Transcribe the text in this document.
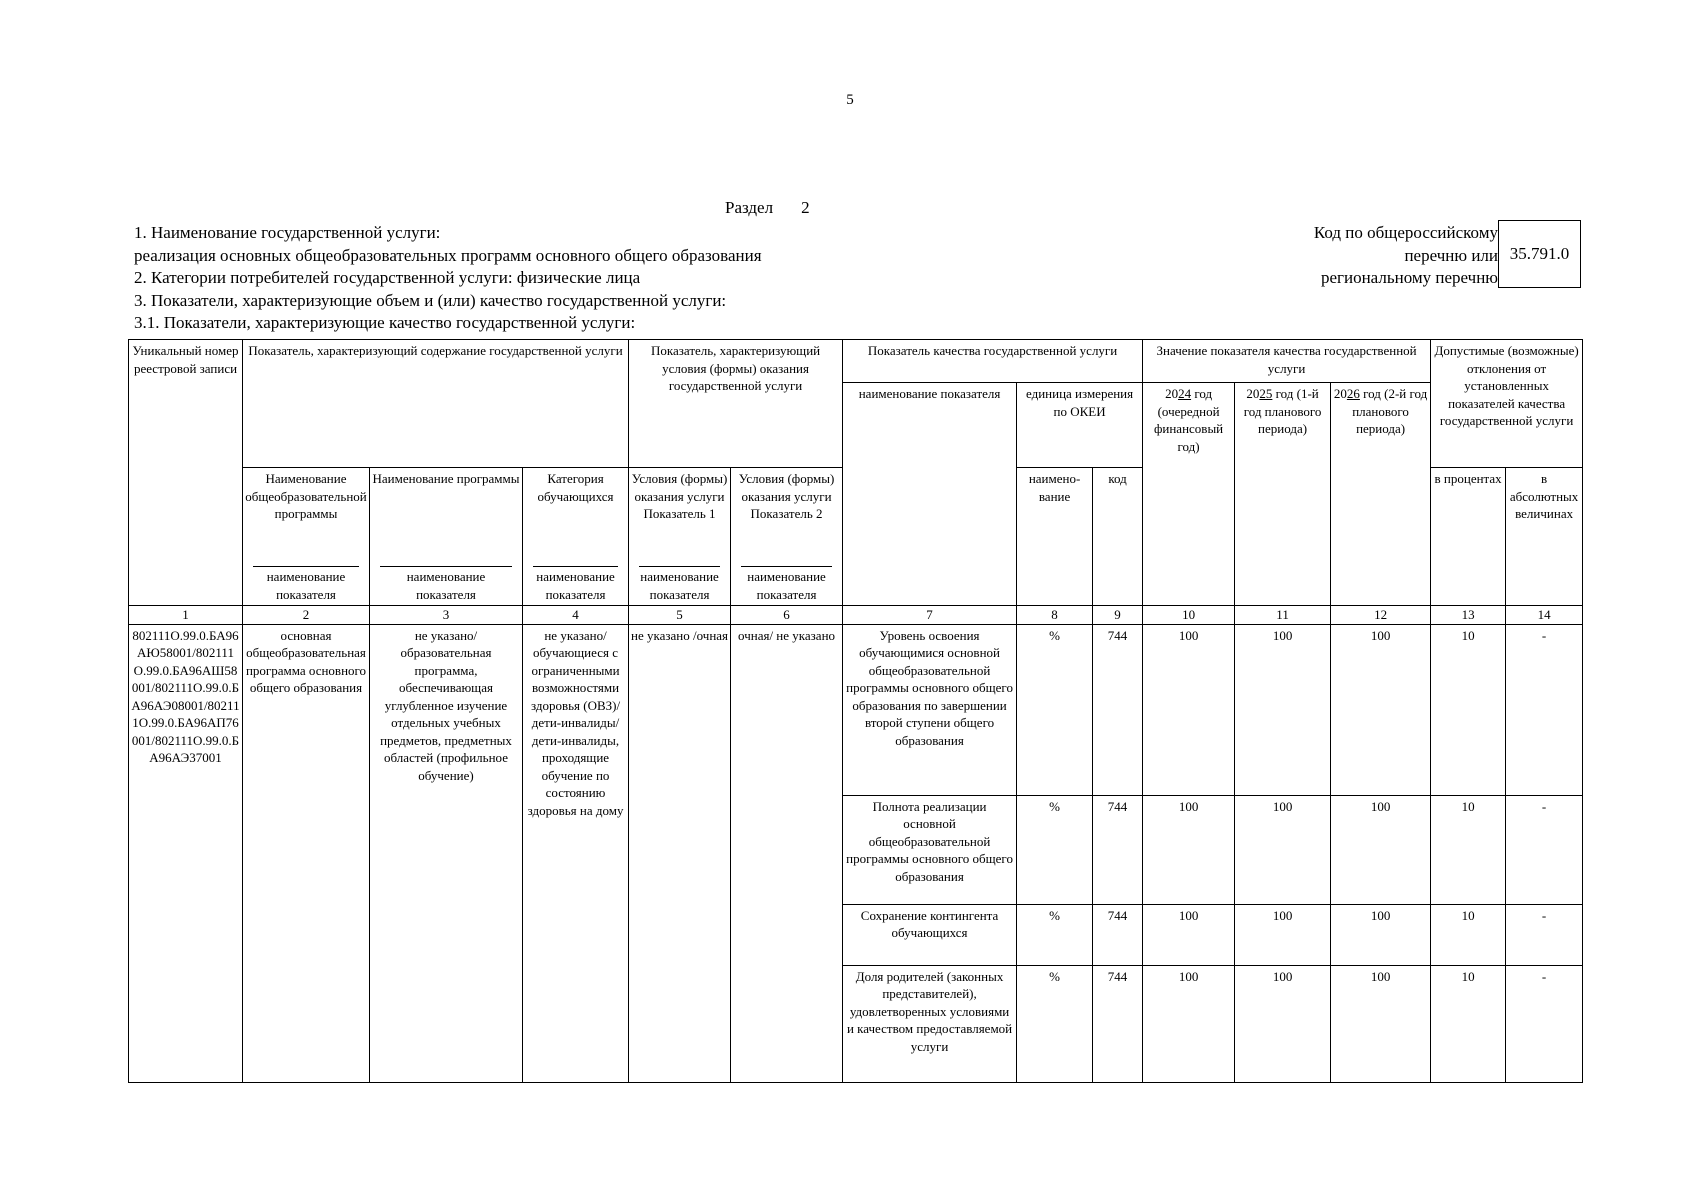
5
Раздел 2
1. Наименование государственной услуги:
реализация основных общеобразовательных программ основного общего образования
2. Категории потребителей государственной услуги: физические лица
3. Показатели, характеризующие объем и (или) качество государственной услуги:
3.1. Показатели, характеризующие качество государственной услуги:
Код по общероссийскому
перечню или
региональному перечню
35.791.0
Уникальный номер реестровой записи	Показатель, характеризующий содержание государственной услуги			Показатель, характеризующий условия (формы) оказания государственной услуги		Показатель качества государственной услуги			Значение показателя качества государственной услуги			Допустимые (возможные) отклонения от установленных показателей качества государственной услуги	
						наименование показателя	единица измерения по ОКЕИ		2024 год (очередной финансовый год)	2025 год (1-й год планового периода)	2026 год (2-й год планового периода)		
	Наименование общеобразовательной программы	Наименование программы	Категория обучающихся	Условия (формы) оказания услуги Показатель 1	Условия (формы) оказания услуги Показатель 2		наимено-вание	код				в процентах	в абсолютных величинах

	наименование показателя	наименование показателя	наименование показателя	наименование показателя	наименование показателя								

1	2	3	4	5	6	7	8	9	10	11	12	13	14
802111О.99.0.БА96АЮ58001/802111О.99.0.БА96АШ58001/802111О.99.0.БА96АЭ08001/802111О.99.0.БА96АП76001/802111О.99.0.БА96АЭ37001	основная общеобразовательная программа основного общего образования	не указано/ образовательная программа, обеспечивающая углубленное изучение отдельных учебных предметов, предметных областей (профильное обучение)	не указано/ обучающиеся с ограниченными возможностями здоровья (ОВЗ)/дети-инвалиды/дети-инвалиды, проходящие обучение по состоянию здоровья на дому	не указано /очная	очная/ не указано	Уровень освоения обучающимися основной общеобразовательной программы основного общего образования по завершении второй ступени общего образования	%	744	100	100	100	10	-
						Полнота реализации основной общеобразовательной программы основного общего образования	%	744	100	100	100	10	-
						Сохранение контингента обучающихся	%	744	100	100	100	10	-
						Доля родителей (законных представителей), удовлетворенных условиями и качеством предоставляемой услуги	%	744	100	100	100	10	-
